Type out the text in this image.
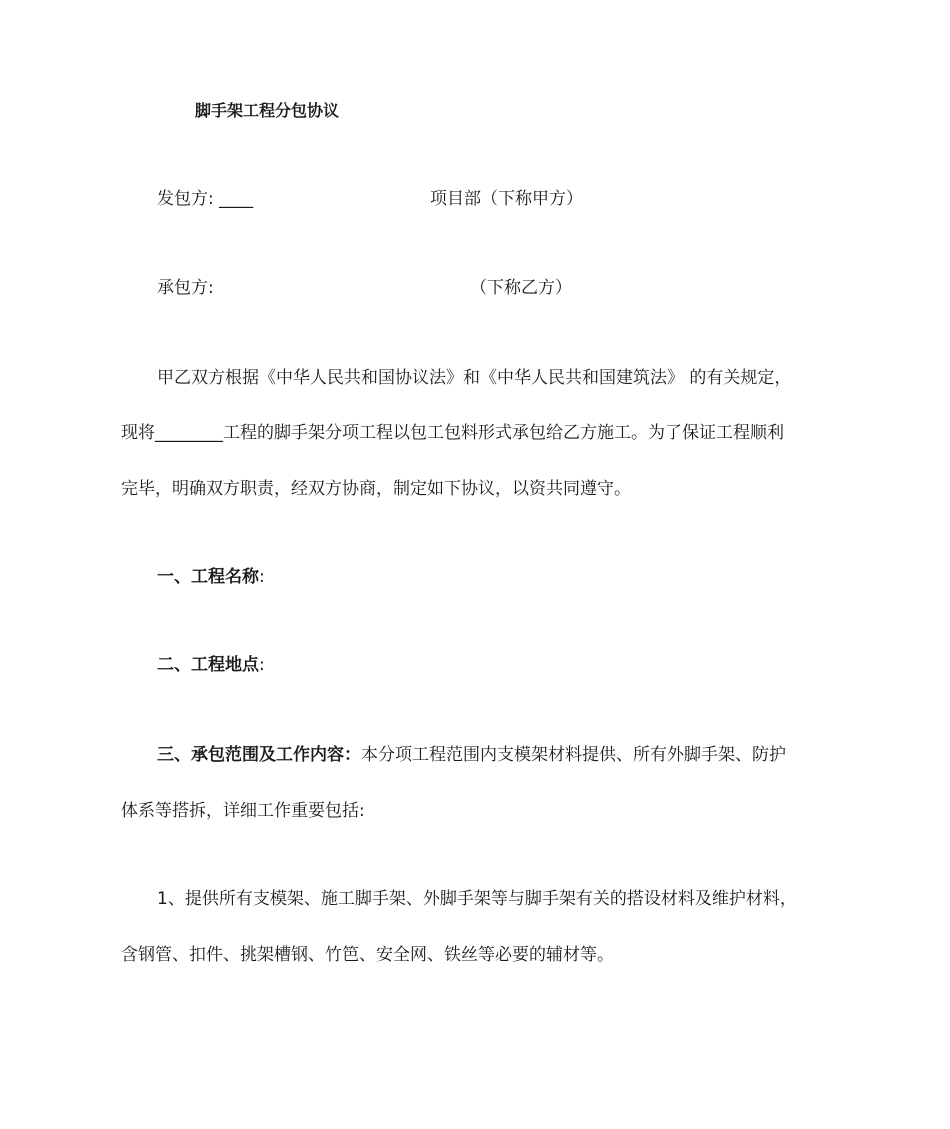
脚手架工程分包协议
发包方: ____	项目部（下称甲方）
承包方:	（下称乙方）
甲乙双方根据《中华人民共和国协议法》和《中华人民共和国建筑法》 的有关规定，
现将________工程的脚手架分项工程以包工包料形式承包给乙方施工。为了保证工程顺利
完毕，明确双方职责，经双方协商，制定如下协议，以资共同遵守。
一、工程名称:
二、工程地点:
三、承包范围及工作内容：本分项工程范围内支模架材料提供、所有外脚手架、防护
体系等搭拆，详细工作重要包括:
1、提供所有支模架、施工脚手架、外脚手架等与脚手架有关的搭设材料及维护材料，
含钢管、扣件、挑架槽钢、竹笆、安全网、铁丝等必要的辅材等。
